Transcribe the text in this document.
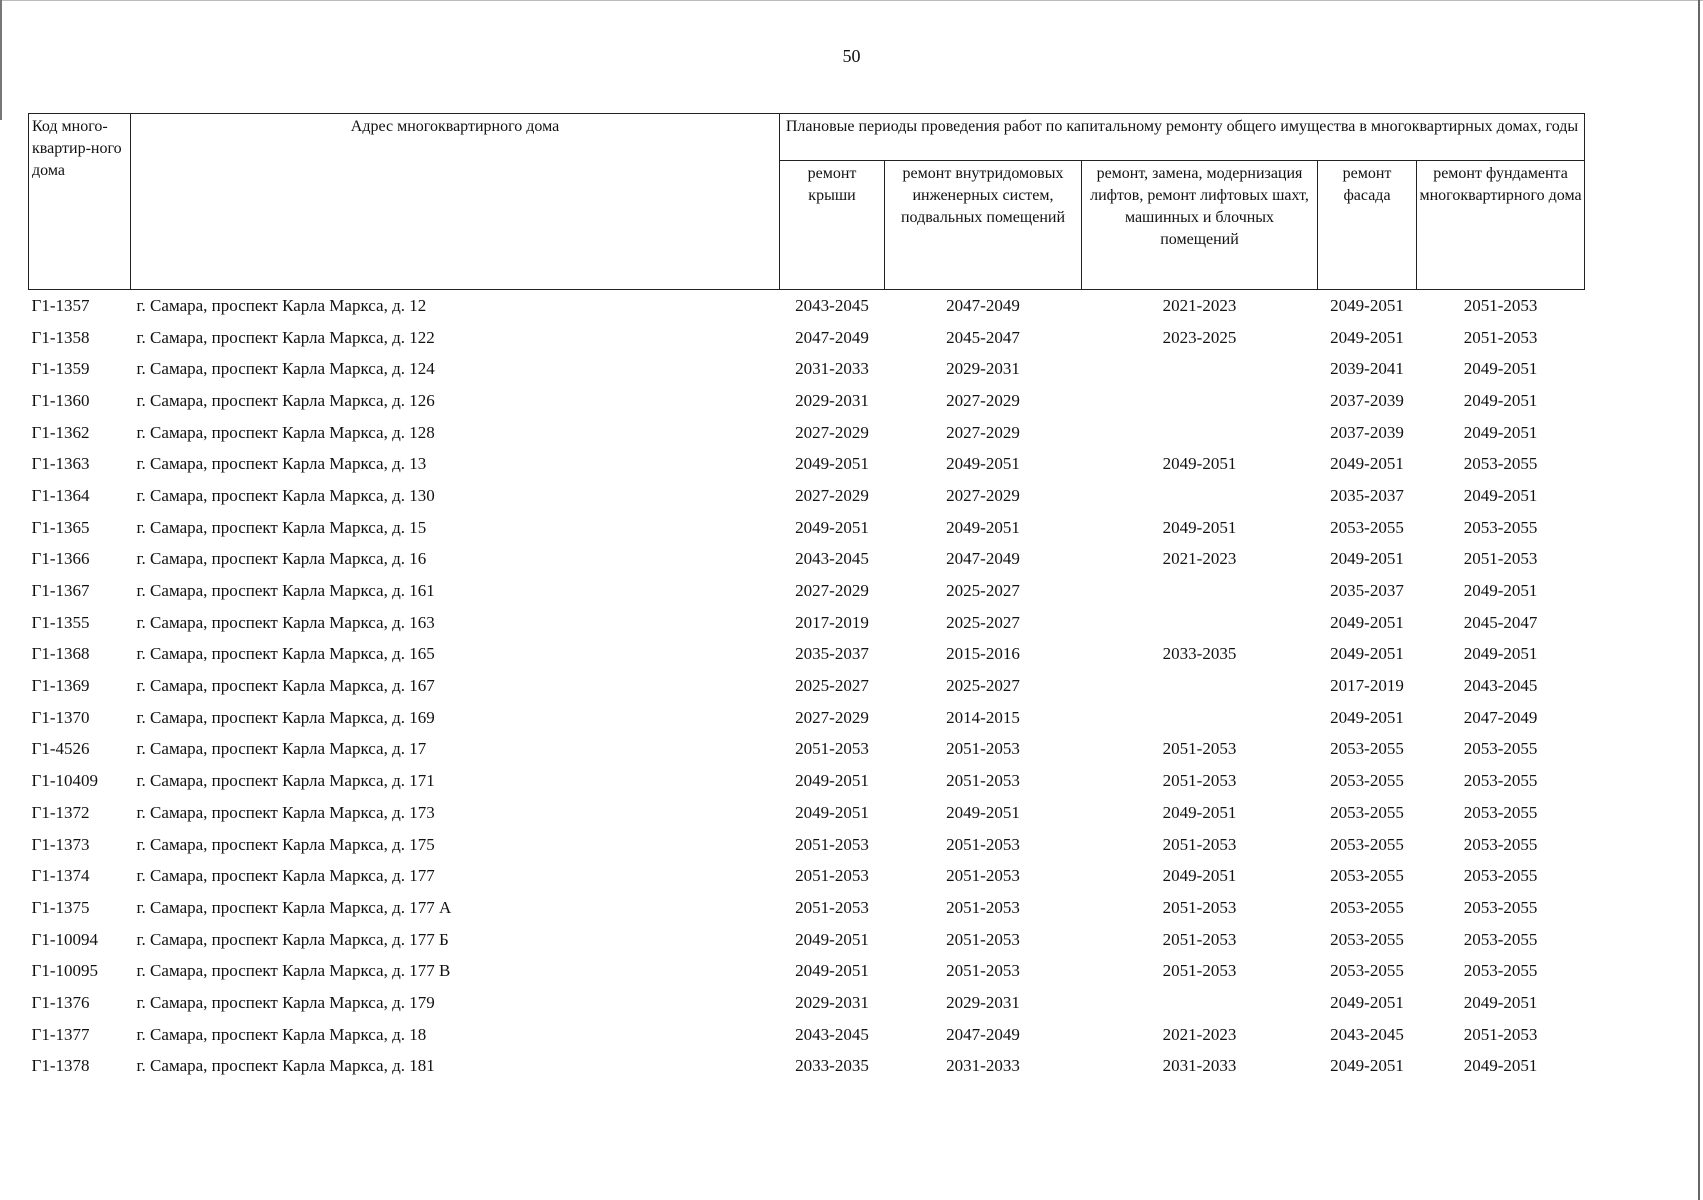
50
Код много-квартир-ного дома	Адрес многоквартирного дома	Плановые периоды проведения работ по капитальному ремонту общего имущества в многоквартирных домах, годы				
		ремонт крыши	ремонт внутридомовых инженерных систем, подвальных помещений	ремонт, замена, модернизация лифтов, ремонт лифтовых шахт, машинных и блочных помещений	ремонт фасада	ремонт фундамента многоквартирного дома
Г1-1357	г. Самара, проспект Карла Маркса, д. 12	2043-2045	2047-2049	2021-2023	2049-2051	2051-2053
Г1-1358	г. Самара, проспект Карла Маркса, д. 122	2047-2049	2045-2047	2023-2025	2049-2051	2051-2053
Г1-1359	г. Самара, проспект Карла Маркса, д. 124	2031-2033	2029-2031		2039-2041	2049-2051
Г1-1360	г. Самара, проспект Карла Маркса, д. 126	2029-2031	2027-2029		2037-2039	2049-2051
Г1-1362	г. Самара, проспект Карла Маркса, д. 128	2027-2029	2027-2029		2037-2039	2049-2051
Г1-1363	г. Самара, проспект Карла Маркса, д. 13	2049-2051	2049-2051	2049-2051	2049-2051	2053-2055
Г1-1364	г. Самара, проспект Карла Маркса, д. 130	2027-2029	2027-2029		2035-2037	2049-2051
Г1-1365	г. Самара, проспект Карла Маркса, д. 15	2049-2051	2049-2051	2049-2051	2053-2055	2053-2055
Г1-1366	г. Самара, проспект Карла Маркса, д. 16	2043-2045	2047-2049	2021-2023	2049-2051	2051-2053
Г1-1367	г. Самара, проспект Карла Маркса, д. 161	2027-2029	2025-2027		2035-2037	2049-2051
Г1-1355	г. Самара, проспект Карла Маркса, д. 163	2017-2019	2025-2027		2049-2051	2045-2047
Г1-1368	г. Самара, проспект Карла Маркса, д. 165	2035-2037	2015-2016	2033-2035	2049-2051	2049-2051
Г1-1369	г. Самара, проспект Карла Маркса, д. 167	2025-2027	2025-2027		2017-2019	2043-2045
Г1-1370	г. Самара, проспект Карла Маркса, д. 169	2027-2029	2014-2015		2049-2051	2047-2049
Г1-4526	г. Самара, проспект Карла Маркса, д. 17	2051-2053	2051-2053	2051-2053	2053-2055	2053-2055
Г1-10409	г. Самара, проспект Карла Маркса, д. 171	2049-2051	2051-2053	2051-2053	2053-2055	2053-2055
Г1-1372	г. Самара, проспект Карла Маркса, д. 173	2049-2051	2049-2051	2049-2051	2053-2055	2053-2055
Г1-1373	г. Самара, проспект Карла Маркса, д. 175	2051-2053	2051-2053	2051-2053	2053-2055	2053-2055
Г1-1374	г. Самара, проспект Карла Маркса, д. 177	2051-2053	2051-2053	2049-2051	2053-2055	2053-2055
Г1-1375	г. Самара, проспект Карла Маркса, д. 177 А	2051-2053	2051-2053	2051-2053	2053-2055	2053-2055
Г1-10094	г. Самара, проспект Карла Маркса, д. 177 Б	2049-2051	2051-2053	2051-2053	2053-2055	2053-2055
Г1-10095	г. Самара, проспект Карла Маркса, д. 177 В	2049-2051	2051-2053	2051-2053	2053-2055	2053-2055
Г1-1376	г. Самара, проспект Карла Маркса, д. 179	2029-2031	2029-2031		2049-2051	2049-2051
Г1-1377	г. Самара, проспект Карла Маркса, д. 18	2043-2045	2047-2049	2021-2023	2043-2045	2051-2053
Г1-1378	г. Самара, проспект Карла Маркса, д. 181	2033-2035	2031-2033	2031-2033	2049-2051	2049-2051
